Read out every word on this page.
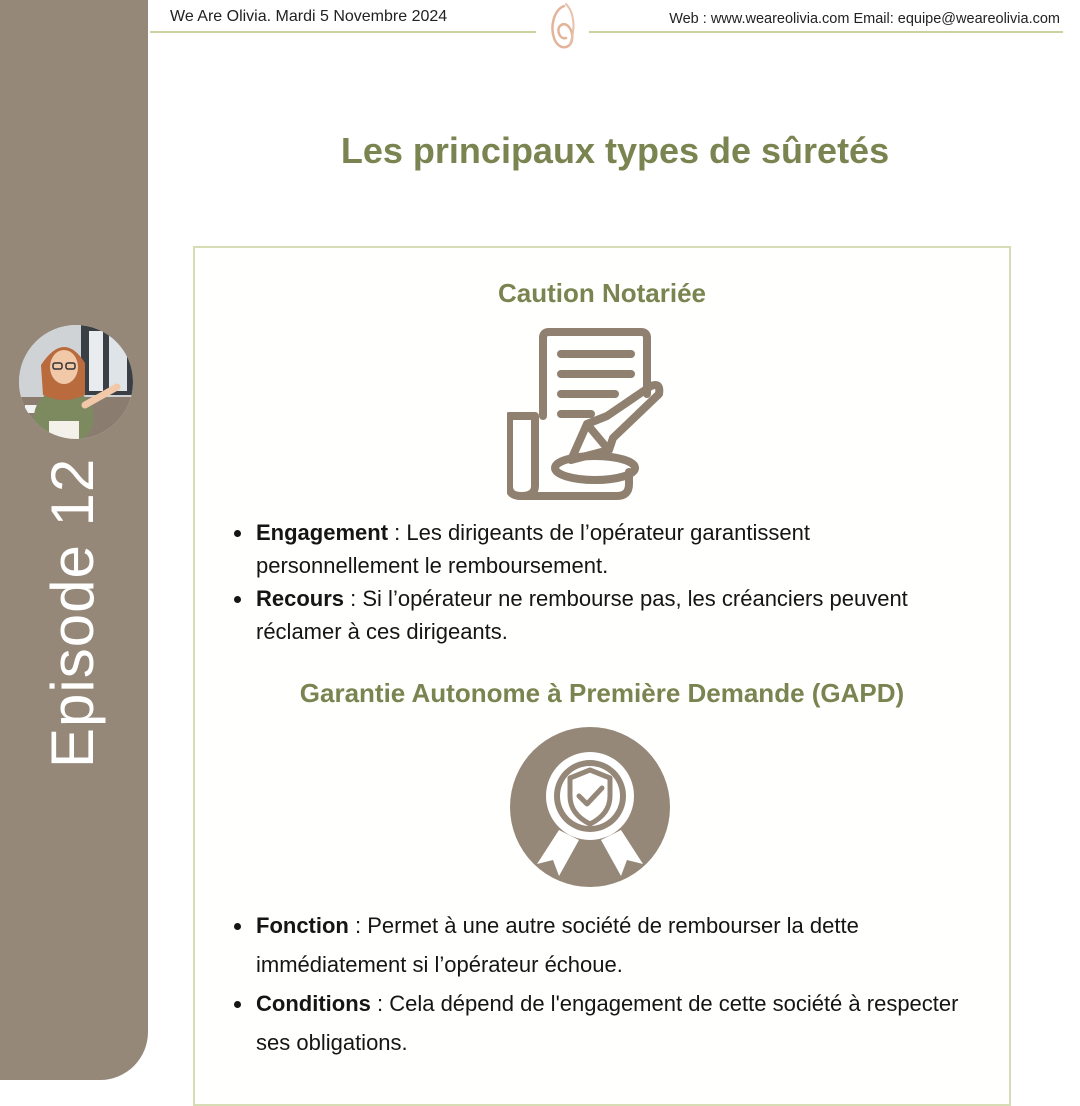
Episode 12
We Are Olivia. Mardi 5 Novembre 2024	Web : www.weareolivia.com Email: equipe@weareolivia.com
Les principaux types de sûretés
Caution Notariée
• Engagement : Les dirigeants de l’opérateur garantissent personnellement le remboursement.
• Recours : Si l’opérateur ne rembourse pas, les créanciers peuvent réclamer à ces dirigeants.
Garantie Autonome à Première Demande (GAPD)
• Fonction : Permet à une autre société de rembourser la dette immédiatement si l’opérateur échoue.
• Conditions : Cela dépend de l'engagement de cette société à respecter ses obligations.
